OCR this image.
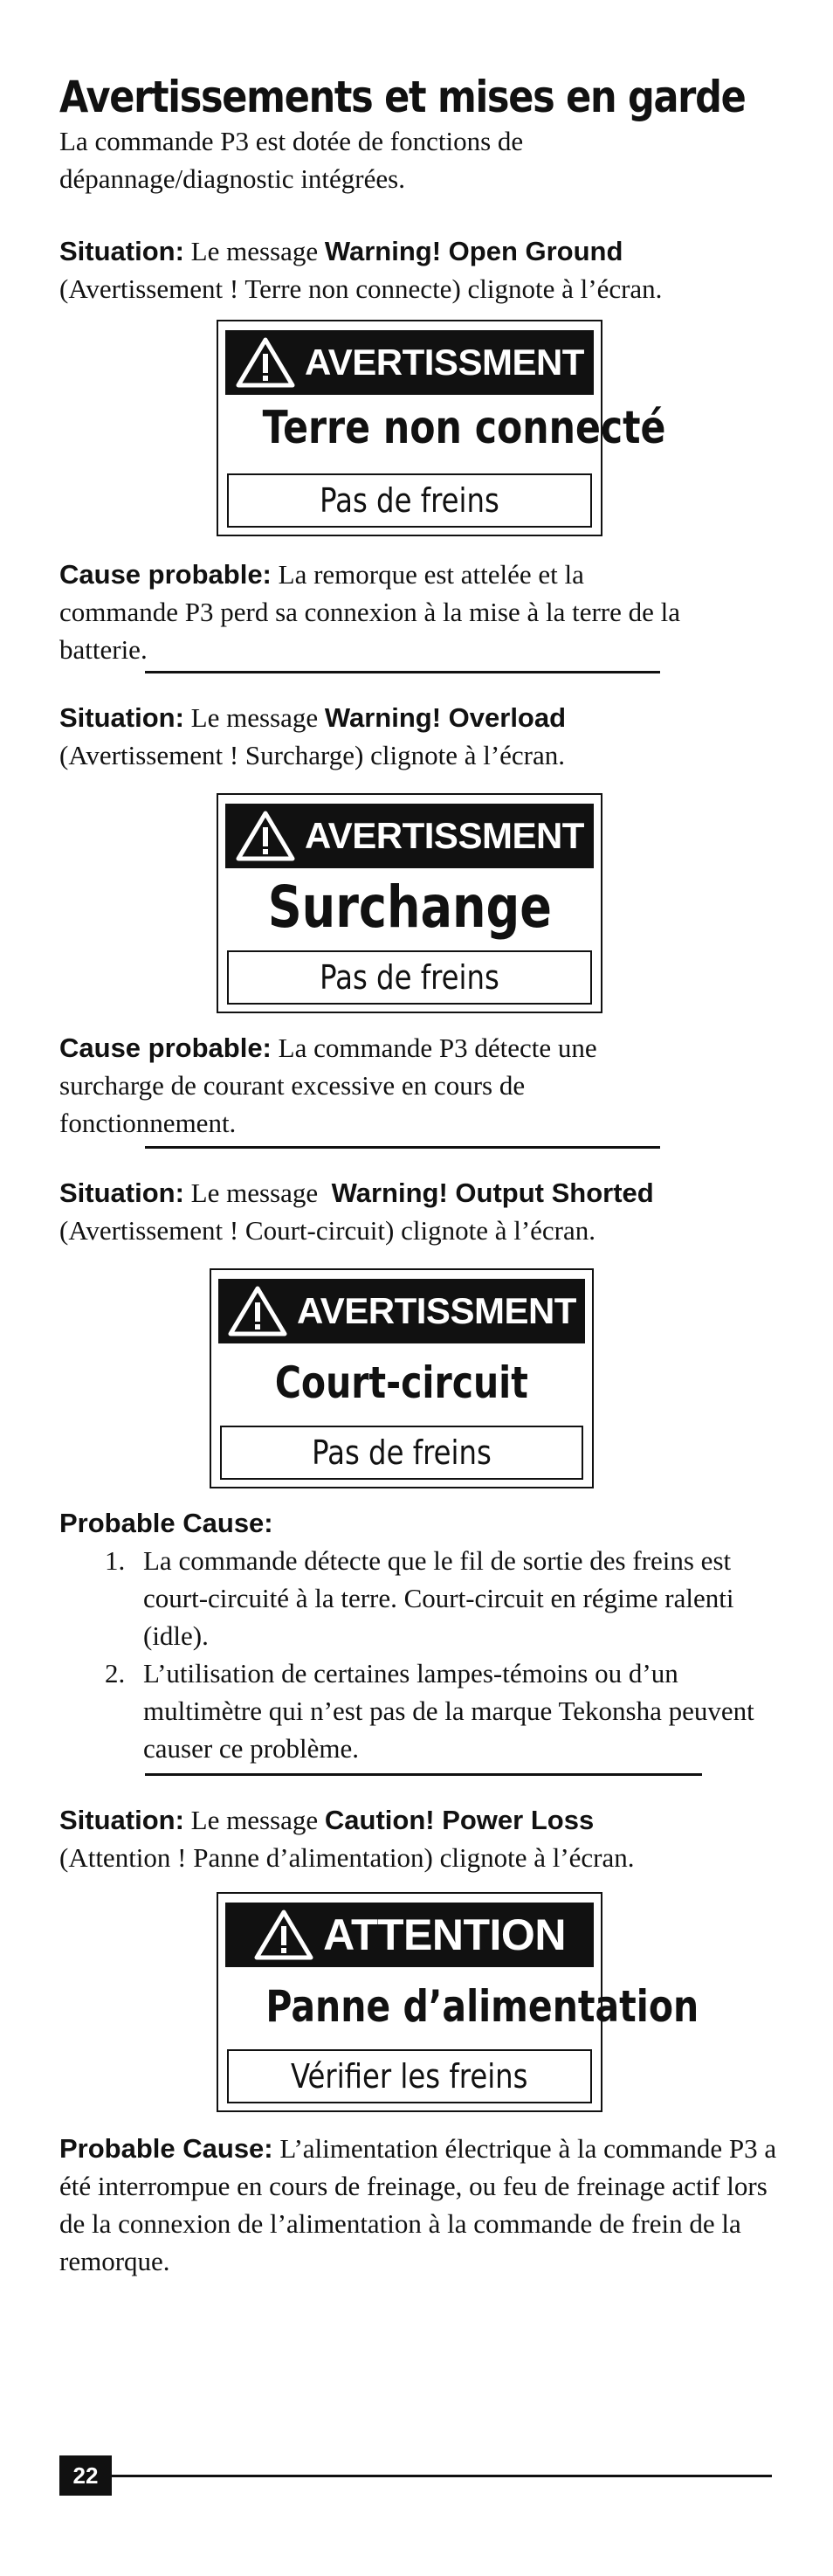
Avertissements et mises en garde
La commande P3 est dotée de fonctions de dépannage/diagnostic intégrées.
Situation: Le message Warning! Open Ground
(Avertissement ! Terre non connecte) clignote à l’écran.
AVERTISSMENT
Terre non connecté
Pas de freins
Cause probable: La remorque est attelée et la commande P3 perd sa connexion à la mise à la terre de la batterie.
Situation: Le message Warning! Overload
(Avertissement ! Surcharge) clignote à l’écran.
AVERTISSMENT
Surchange
Pas de freins
Cause probable: La commande P3 détecte une surcharge de courant excessive en cours de fonctionnement.
Situation: Le message Warning! Output Shorted
(Avertissement ! Court-circuit) clignote à l’écran.
AVERTISSMENT
Court-circuit
Pas de freins
Probable Cause:
1. La commande détecte que le fil de sortie des freins est court-circuité à la terre. Court-circuit en régime ralenti (idle).
2. L’utilisation de certaines lampes-témoins ou d’un multimètre qui n’est pas de la marque Tekonsha peuvent causer ce problème.
Situation: Le message Caution! Power Loss
(Attention ! Panne d’alimentation) clignote à l’écran.
ATTENTION
Panne d’alimentation
Vérifier les freins
Probable Cause: L’alimentation électrique à la commande P3 a été interrompue en cours de freinage, ou feu de freinage actif lors de la connexion de l’alimentation à la commande de frein de la remorque.
22
